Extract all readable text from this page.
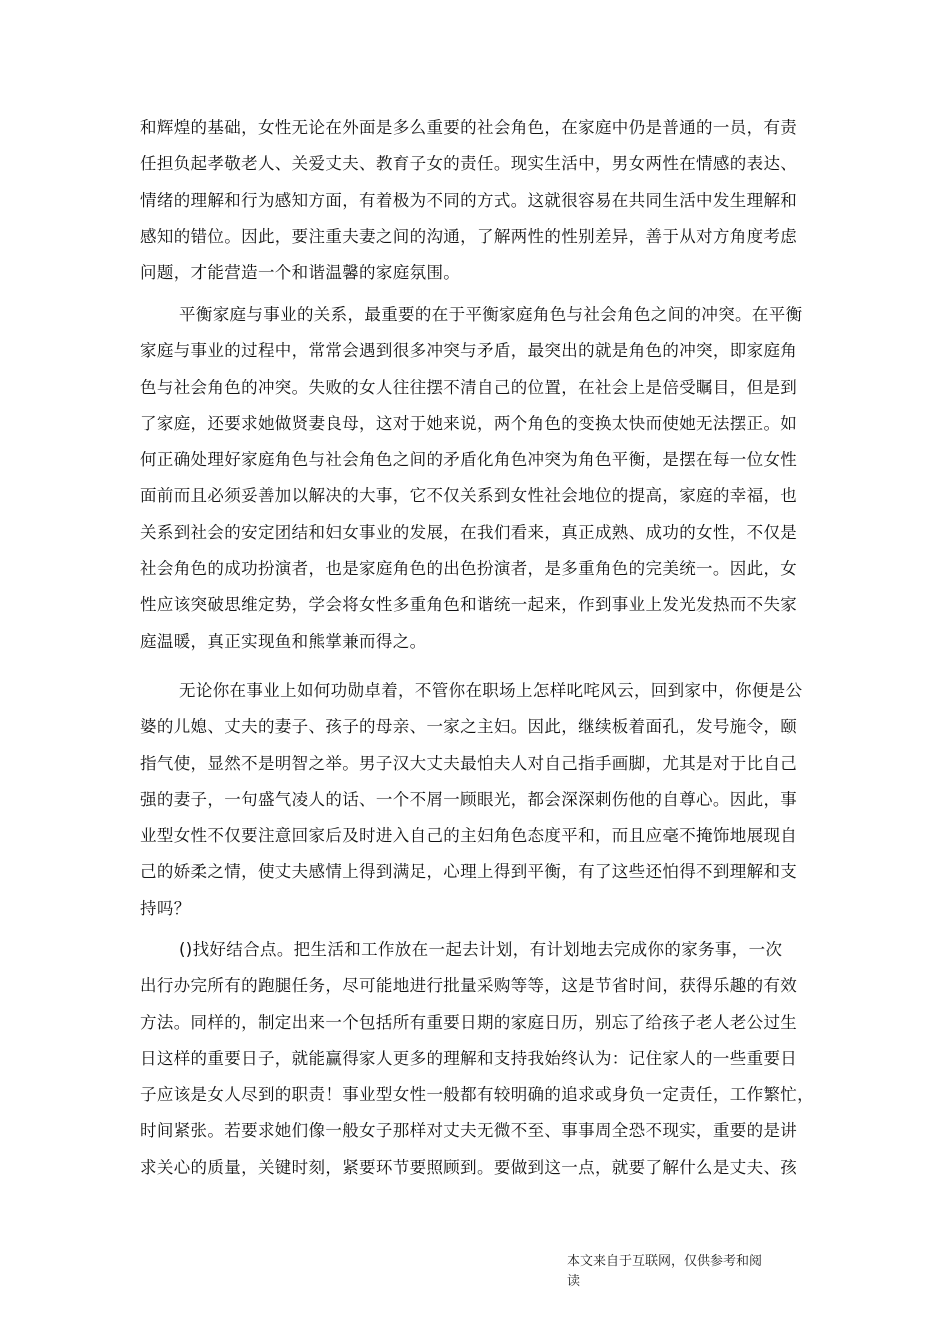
和辉煌的基础，女性无论在外面是多么重要的社会角色，在家庭中仍是普通的一员，有责
任担负起孝敬老人、关爱丈夫、教育子女的责任。现实生活中，男女两性在情感的表达、
情绪的理解和行为感知方面，有着极为不同的方式。这就很容易在共同生活中发生理解和
感知的错位。因此，要注重夫妻之间的沟通，了解两性的性别差异，善于从对方角度考虑
问题，才能营造一个和谐温馨的家庭氛围。
平衡家庭与事业的关系，最重要的在于平衡家庭角色与社会角色之间的冲突。在平衡
家庭与事业的过程中，常常会遇到很多冲突与矛盾，最突出的就是角色的冲突，即家庭角
色与社会角色的冲突。失败的女人往往摆不清自己的位置，在社会上是倍受瞩目，但是到
了家庭，还要求她做贤妻良母，这对于她来说，两个角色的变换太快而使她无法摆正。如
何正确处理好家庭角色与社会角色之间的矛盾化角色冲突为角色平衡，是摆在每一位女性
面前而且必须妥善加以解决的大事，它不仅关系到女性社会地位的提高，家庭的幸福，也
关系到社会的安定团结和妇女事业的发展，在我们看来，真正成熟、成功的女性，不仅是
社会角色的成功扮演者，也是家庭角色的出色扮演者，是多重角色的完美统一。因此，女
性应该突破思维定势，学会将女性多重角色和谐统一起来，作到事业上发光发热而不失家
庭温暖，真正实现鱼和熊掌兼而得之。
无论你在事业上如何功勋卓着，不管你在职场上怎样叱咤风云，回到家中，你便是公
婆的儿媳、丈夫的妻子、孩子的母亲、一家之主妇。因此，继续板着面孔，发号施令，颐
指气使，显然不是明智之举。男子汉大丈夫最怕夫人对自己指手画脚，尤其是对于比自己
强的妻子，一句盛气凌人的话、一个不屑一顾眼光，都会深深刺伤他的自尊心。因此，事
业型女性不仅要注意回家后及时进入自己的主妇角色态度平和，而且应毫不掩饰地展现自
己的娇柔之情，使丈夫感情上得到满足，心理上得到平衡，有了这些还怕得不到理解和支
持吗？
()找好结合点。把生活和工作放在一起去计划，有计划地去完成你的家务事，一次
出行办完所有的跑腿任务，尽可能地进行批量采购等等，这是节省时间，获得乐趣的有效
方法。同样的，制定出来一个包括所有重要日期的家庭日历，别忘了给孩子老人老公过生
日这样的重要日子，就能赢得家人更多的理解和支持我始终认为：记住家人的一些重要日
子应该是女人尽到的职责！事业型女性一般都有较明确的追求或身负一定责任，工作繁忙，
时间紧张。若要求她们像一般女子那样对丈夫无微不至、事事周全恐不现实，重要的是讲
求关心的质量，关键时刻，紧要环节要照顾到。要做到这一点，就要了解什么是丈夫、孩
本文来自于互联网，仅供参考和阅
读
